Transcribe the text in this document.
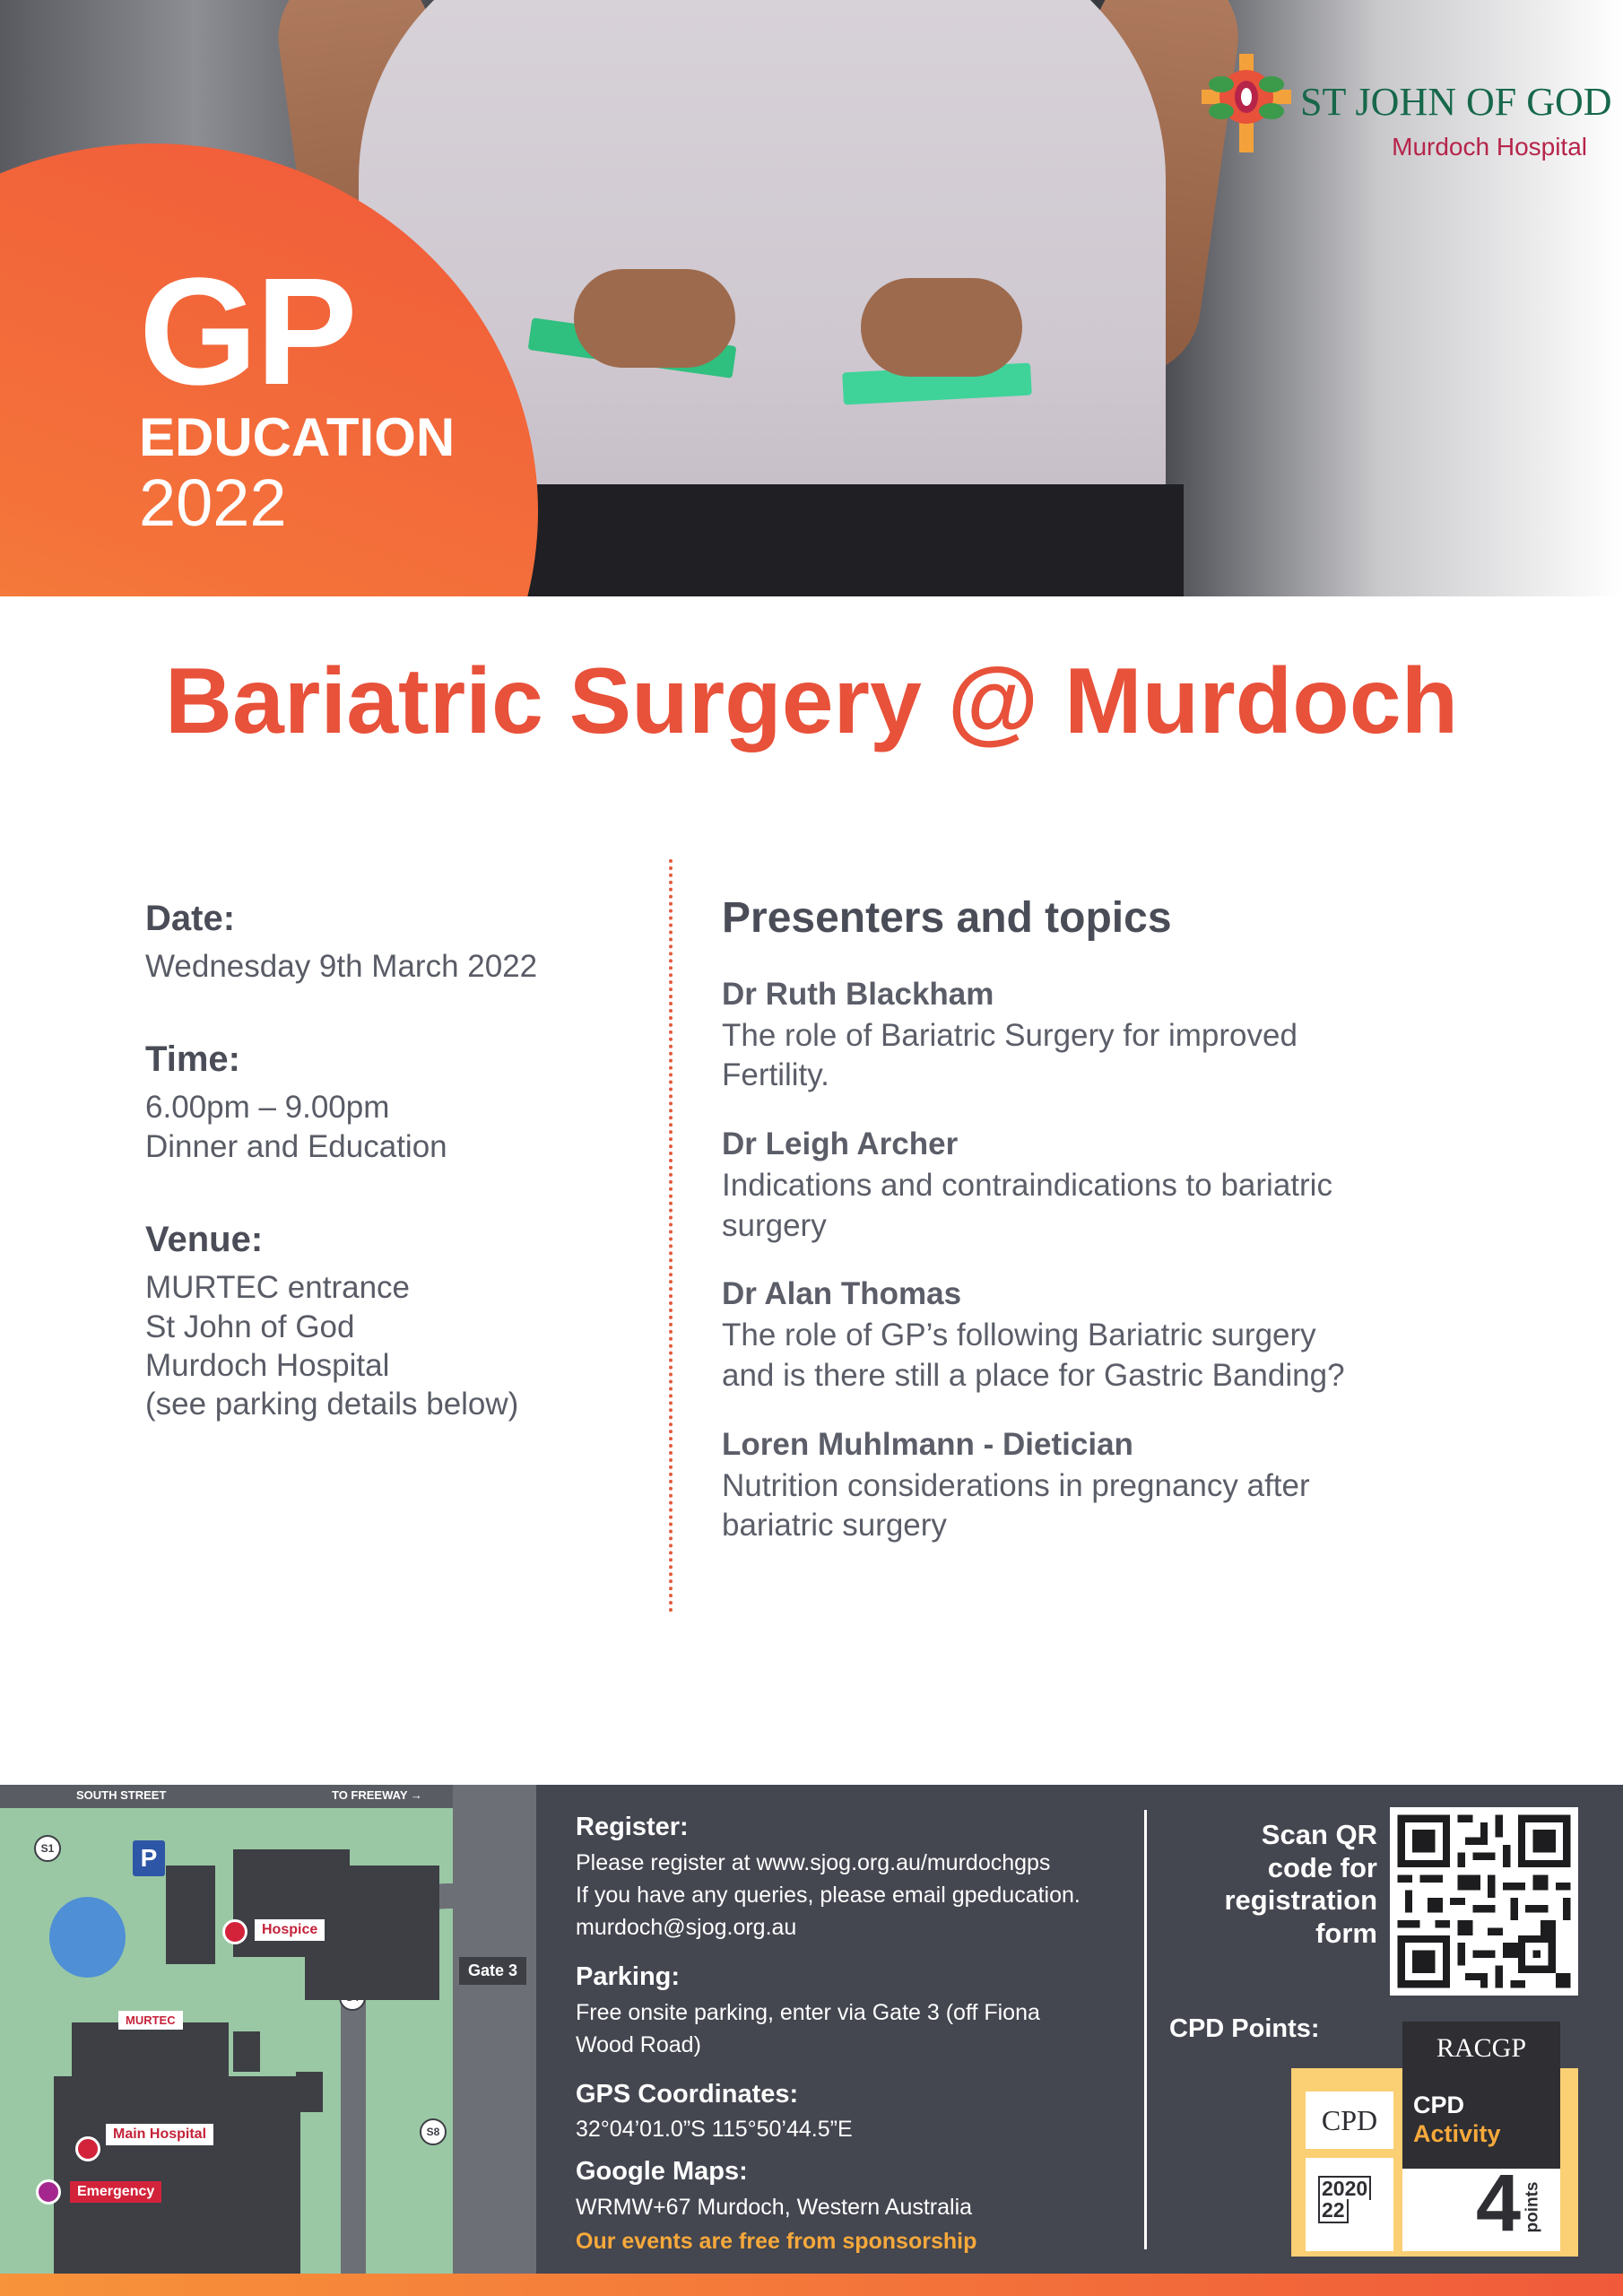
GP

EDUCATION

2022

ST JOHN OF GOD
Murdoch Hospital
Bariatric Surgery @ Murdoch

Date:

Wednesday 9th March 2022

Time:

6.00pm – 9.00pm
Dinner and Education

Venue:

MURTEC entrance
St John of God
Murdoch Hospital
(see parking details below)

Presenters and topics

Dr Ruth Blackham

The role of Bariatric Surgery for improved
Fertility.

Dr Leigh Archer

Indications and contraindications to bariatric
surgery

Dr Alan Thomas

The role of GP’s following Bariatric surgery
and is there still a place for Gastric Banding?

Loren Muhlmann - Dietician

Nutrition considerations in pregnancy after
bariatric surgery

SOUTH STREET	TO FREEWAY →
P
S1
S8
Hospice
MURTEC
Main Hospital
Emergency
Gate 3

Register:

Please register at www.sjog.org.au/murdochgps
If you have any queries, please email gpeducation.
murdoch@sjog.org.au

Parking:

Free onsite parking, enter via Gate 3 (off Fiona
Wood Road)

GPS Coordinates:

32°04’01.0”S 115°50’44.5”E

Google Maps:

WRMW+67 Murdoch, Western Australia

Our events are free from sponsorship

Scan QR
code for
registration
form

CPD Points:

RACGP
CPD
Activity
CPD
2020
22 4 points
